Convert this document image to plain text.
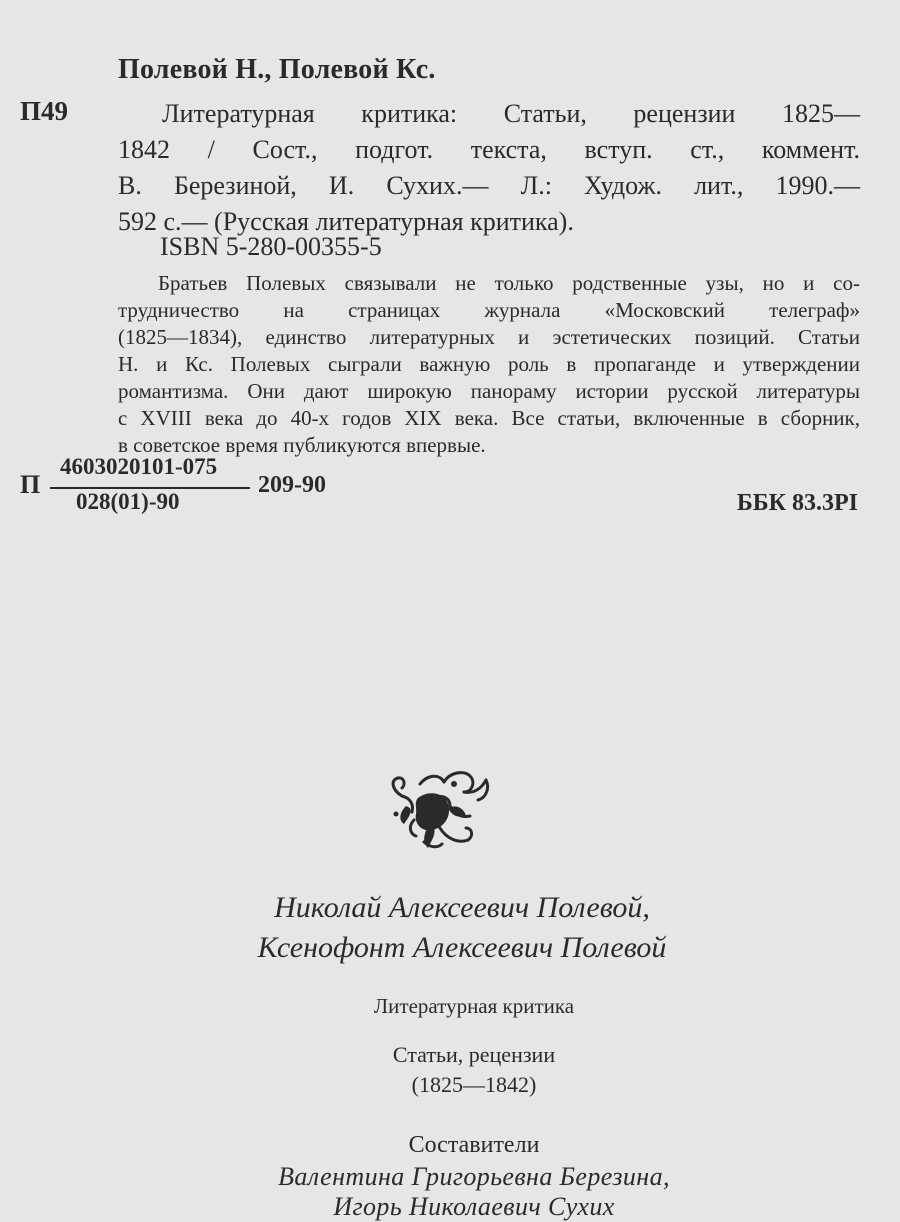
Полевой Н., Полевой Кс.
П49	Литературная критика: Статьи, рецензии 1825—
1842 / Сост., подгот. текста, вступ. ст., коммент.
В. Березиной, И. Сухих.— Л.: Худож. лит., 1990.—
592 с.— (Русская литературная критика).
ISBN 5-280-00355-5
Братьев Полевых связывали не только родственные узы, но и со-
трудничество на страницах журнала «Московский телеграф»
(1825—1834), единство литературных и эстетических позиций. Статьи
Н. и Кс. Полевых сыграли важную роль в пропаганде и утверждении
романтизма. Они дают широкую панораму истории русской литературы
с XVIII века до 40-х годов XIX века. Все статьи, включенные в сборник,
в советское время публикуются впервые.
П
4603020101-075
028(01)-90
209-90
ББК 83.3РI
Николай Алексеевич Полевой,
Ксенофонт Алексеевич Полевой
Литературная критика
Статьи, рецензии
(1825—1842)
Составители
Валентина Григорьевна Березина,
Игорь Николаевич Сухих
